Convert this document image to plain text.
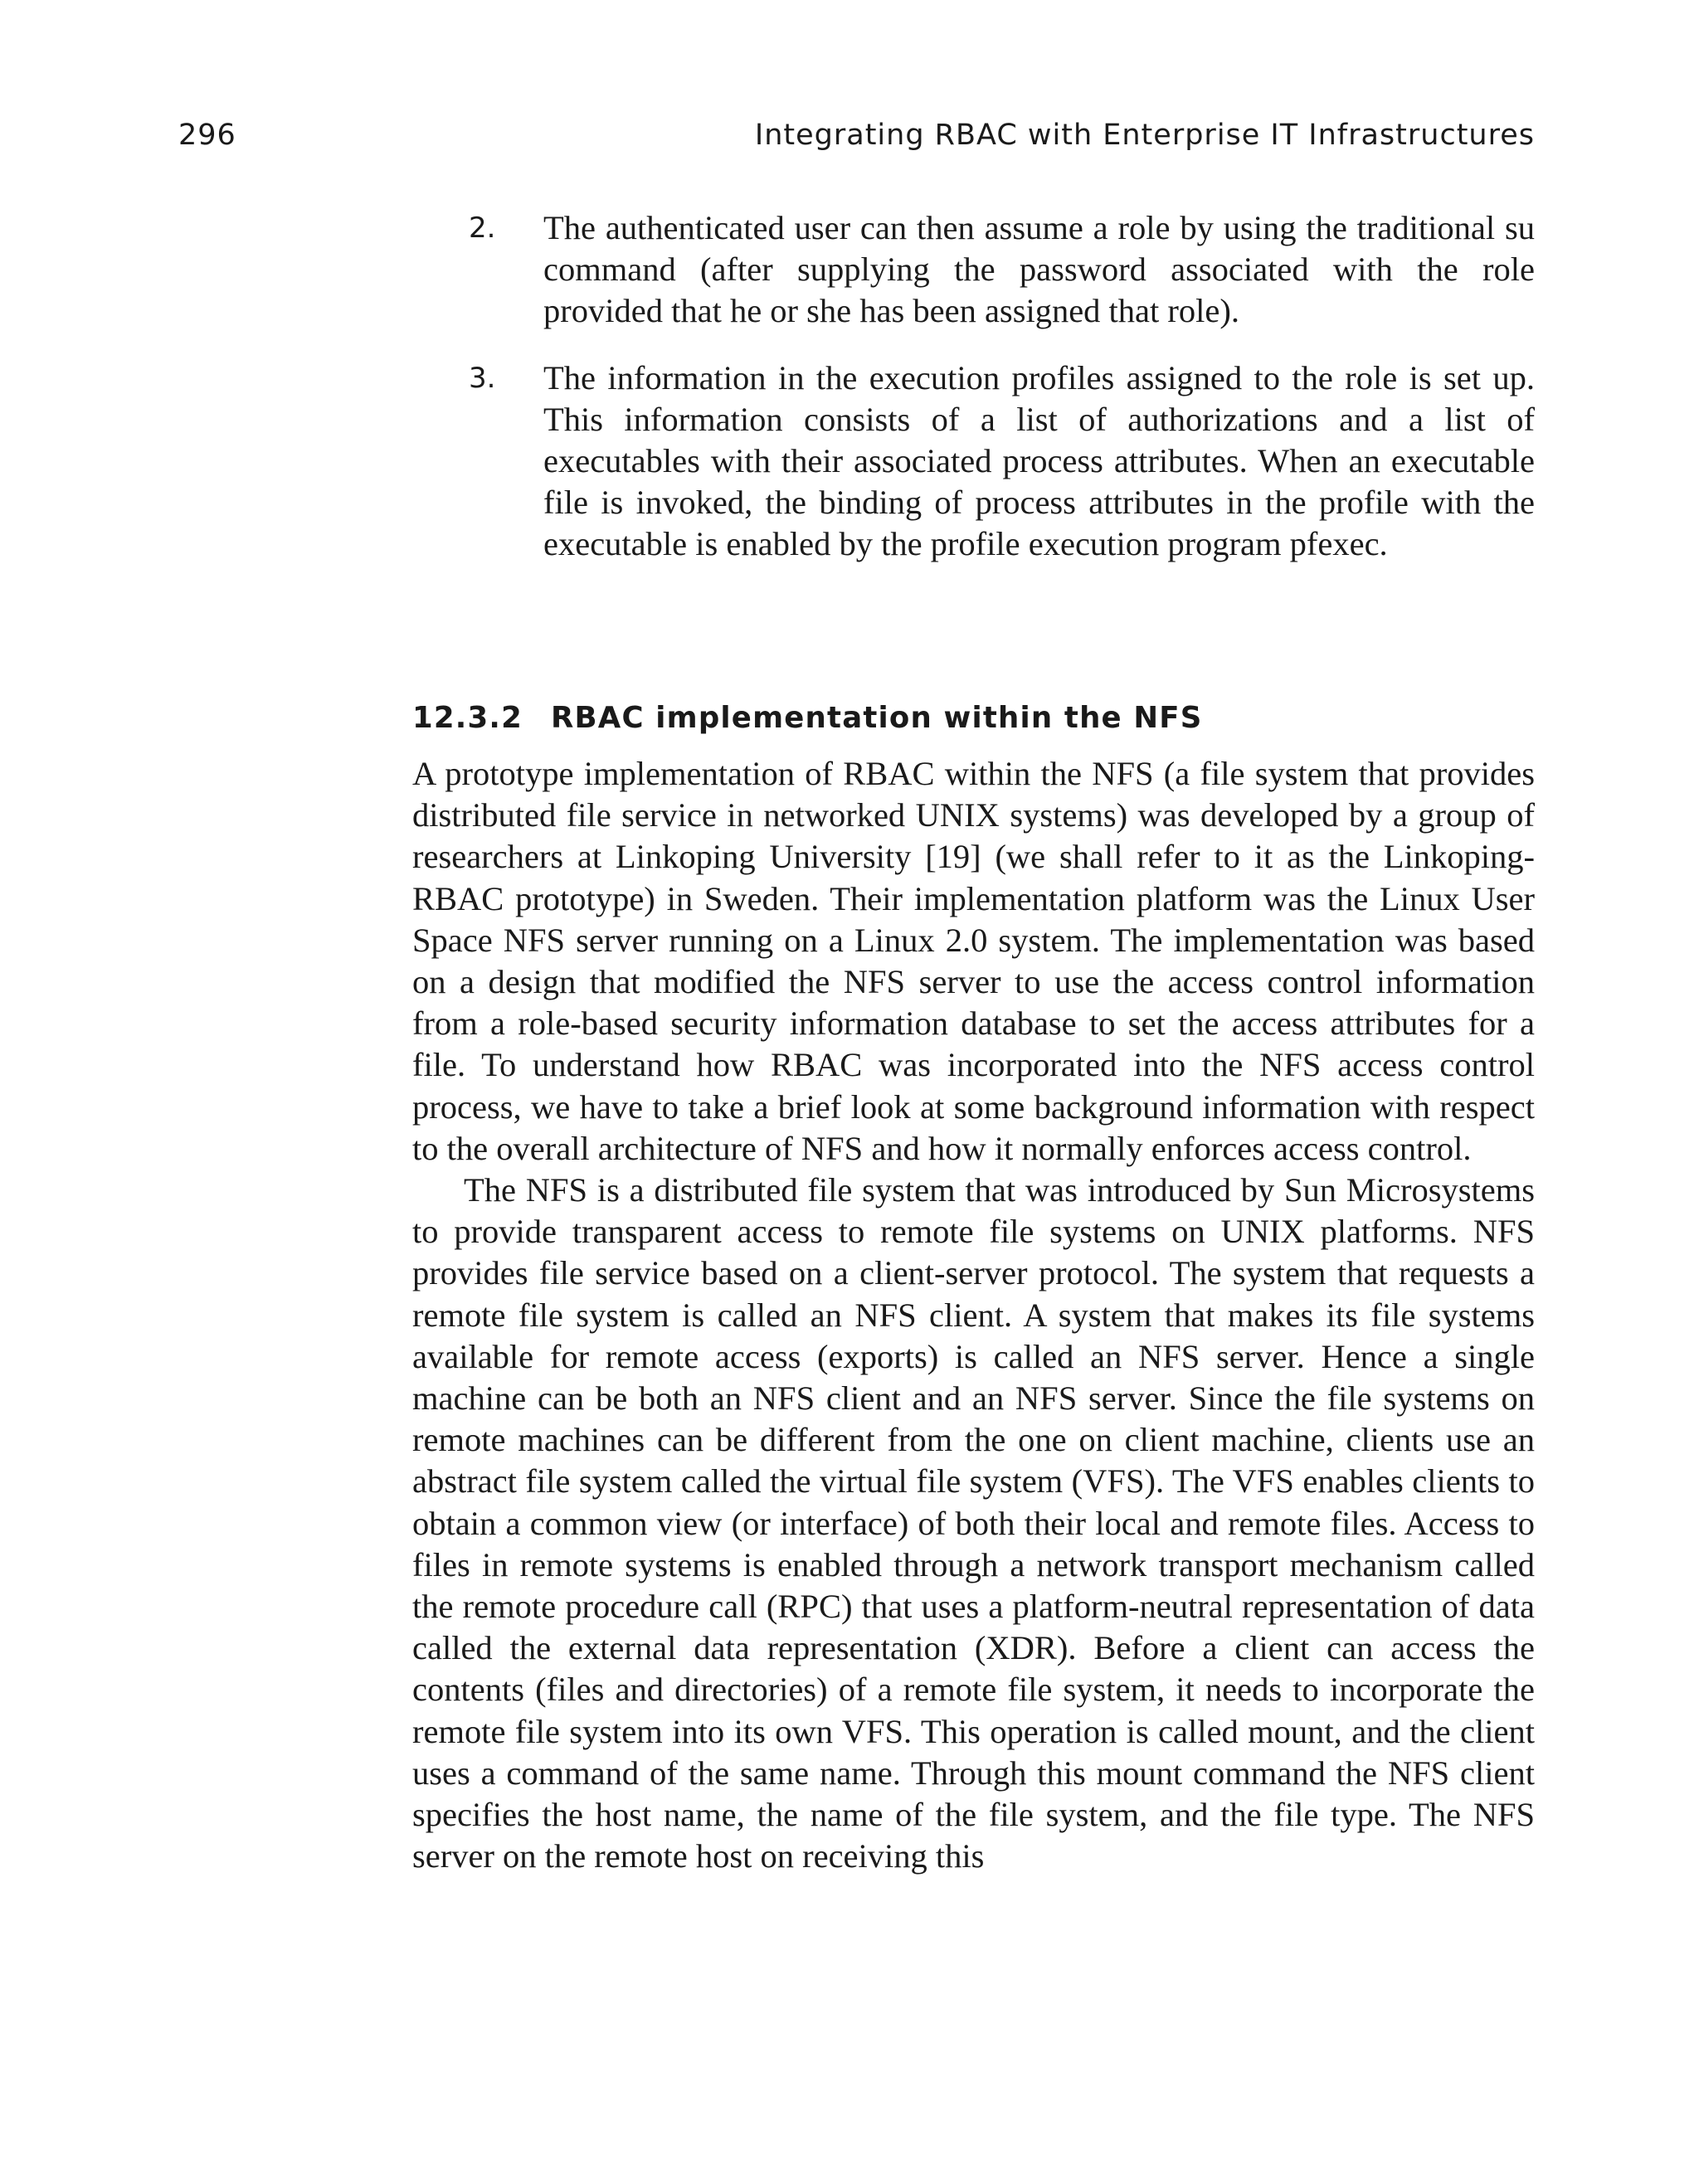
296	Integrating RBAC with Enterprise IT Infrastructures
2. The authenticated user can then assume a role by using the traditional su command (after supplying the password associated with the role provided that he or she has been assigned that role).

3. The information in the execution profiles assigned to the role is set up. This information consists of a list of authorizations and a list of executables with their associated process attributes. When an executable file is invoked, the binding of process attributes in the profile with the executable is enabled by the profile execution program pfexec.

12.3.2 RBAC implementation within the NFS

A prototype implementation of RBAC within the NFS (a file system that provides distributed file service in networked UNIX systems) was developed by a group of researchers at Linkoping University [19] (we shall refer to it as the Linkoping-RBAC prototype) in Sweden. Their implementation platform was the Linux User Space NFS server running on a Linux 2.0 system. The implementation was based on a design that modified the NFS server to use the access control information from a role-based security information database to set the access attributes for a file. To understand how RBAC was incorporated into the NFS access control process, we have to take a brief look at some background information with respect to the overall architecture of NFS and how it normally enforces access control.

The NFS is a distributed file system that was introduced by Sun Microsystems to provide transparent access to remote file systems on UNIX platforms. NFS provides file service based on a client-server protocol. The system that requests a remote file system is called an NFS client. A system that makes its file systems available for remote access (exports) is called an NFS server. Hence a single machine can be both an NFS client and an NFS server. Since the file systems on remote machines can be different from the one on client machine, clients use an abstract file system called the virtual file system (VFS). The VFS enables clients to obtain a common view (or interface) of both their local and remote files. Access to files in remote systems is enabled through a network transport mechanism called the remote procedure call (RPC) that uses a platform-neutral representation of data called the external data representation (XDR). Before a client can access the contents (files and directories) of a remote file system, it needs to incorporate the remote file system into its own VFS. This operation is called mount, and the client uses a command of the same name. Through this mount command the NFS client specifies the host name, the name of the file system, and the file type. The NFS server on the remote host on receiving this
